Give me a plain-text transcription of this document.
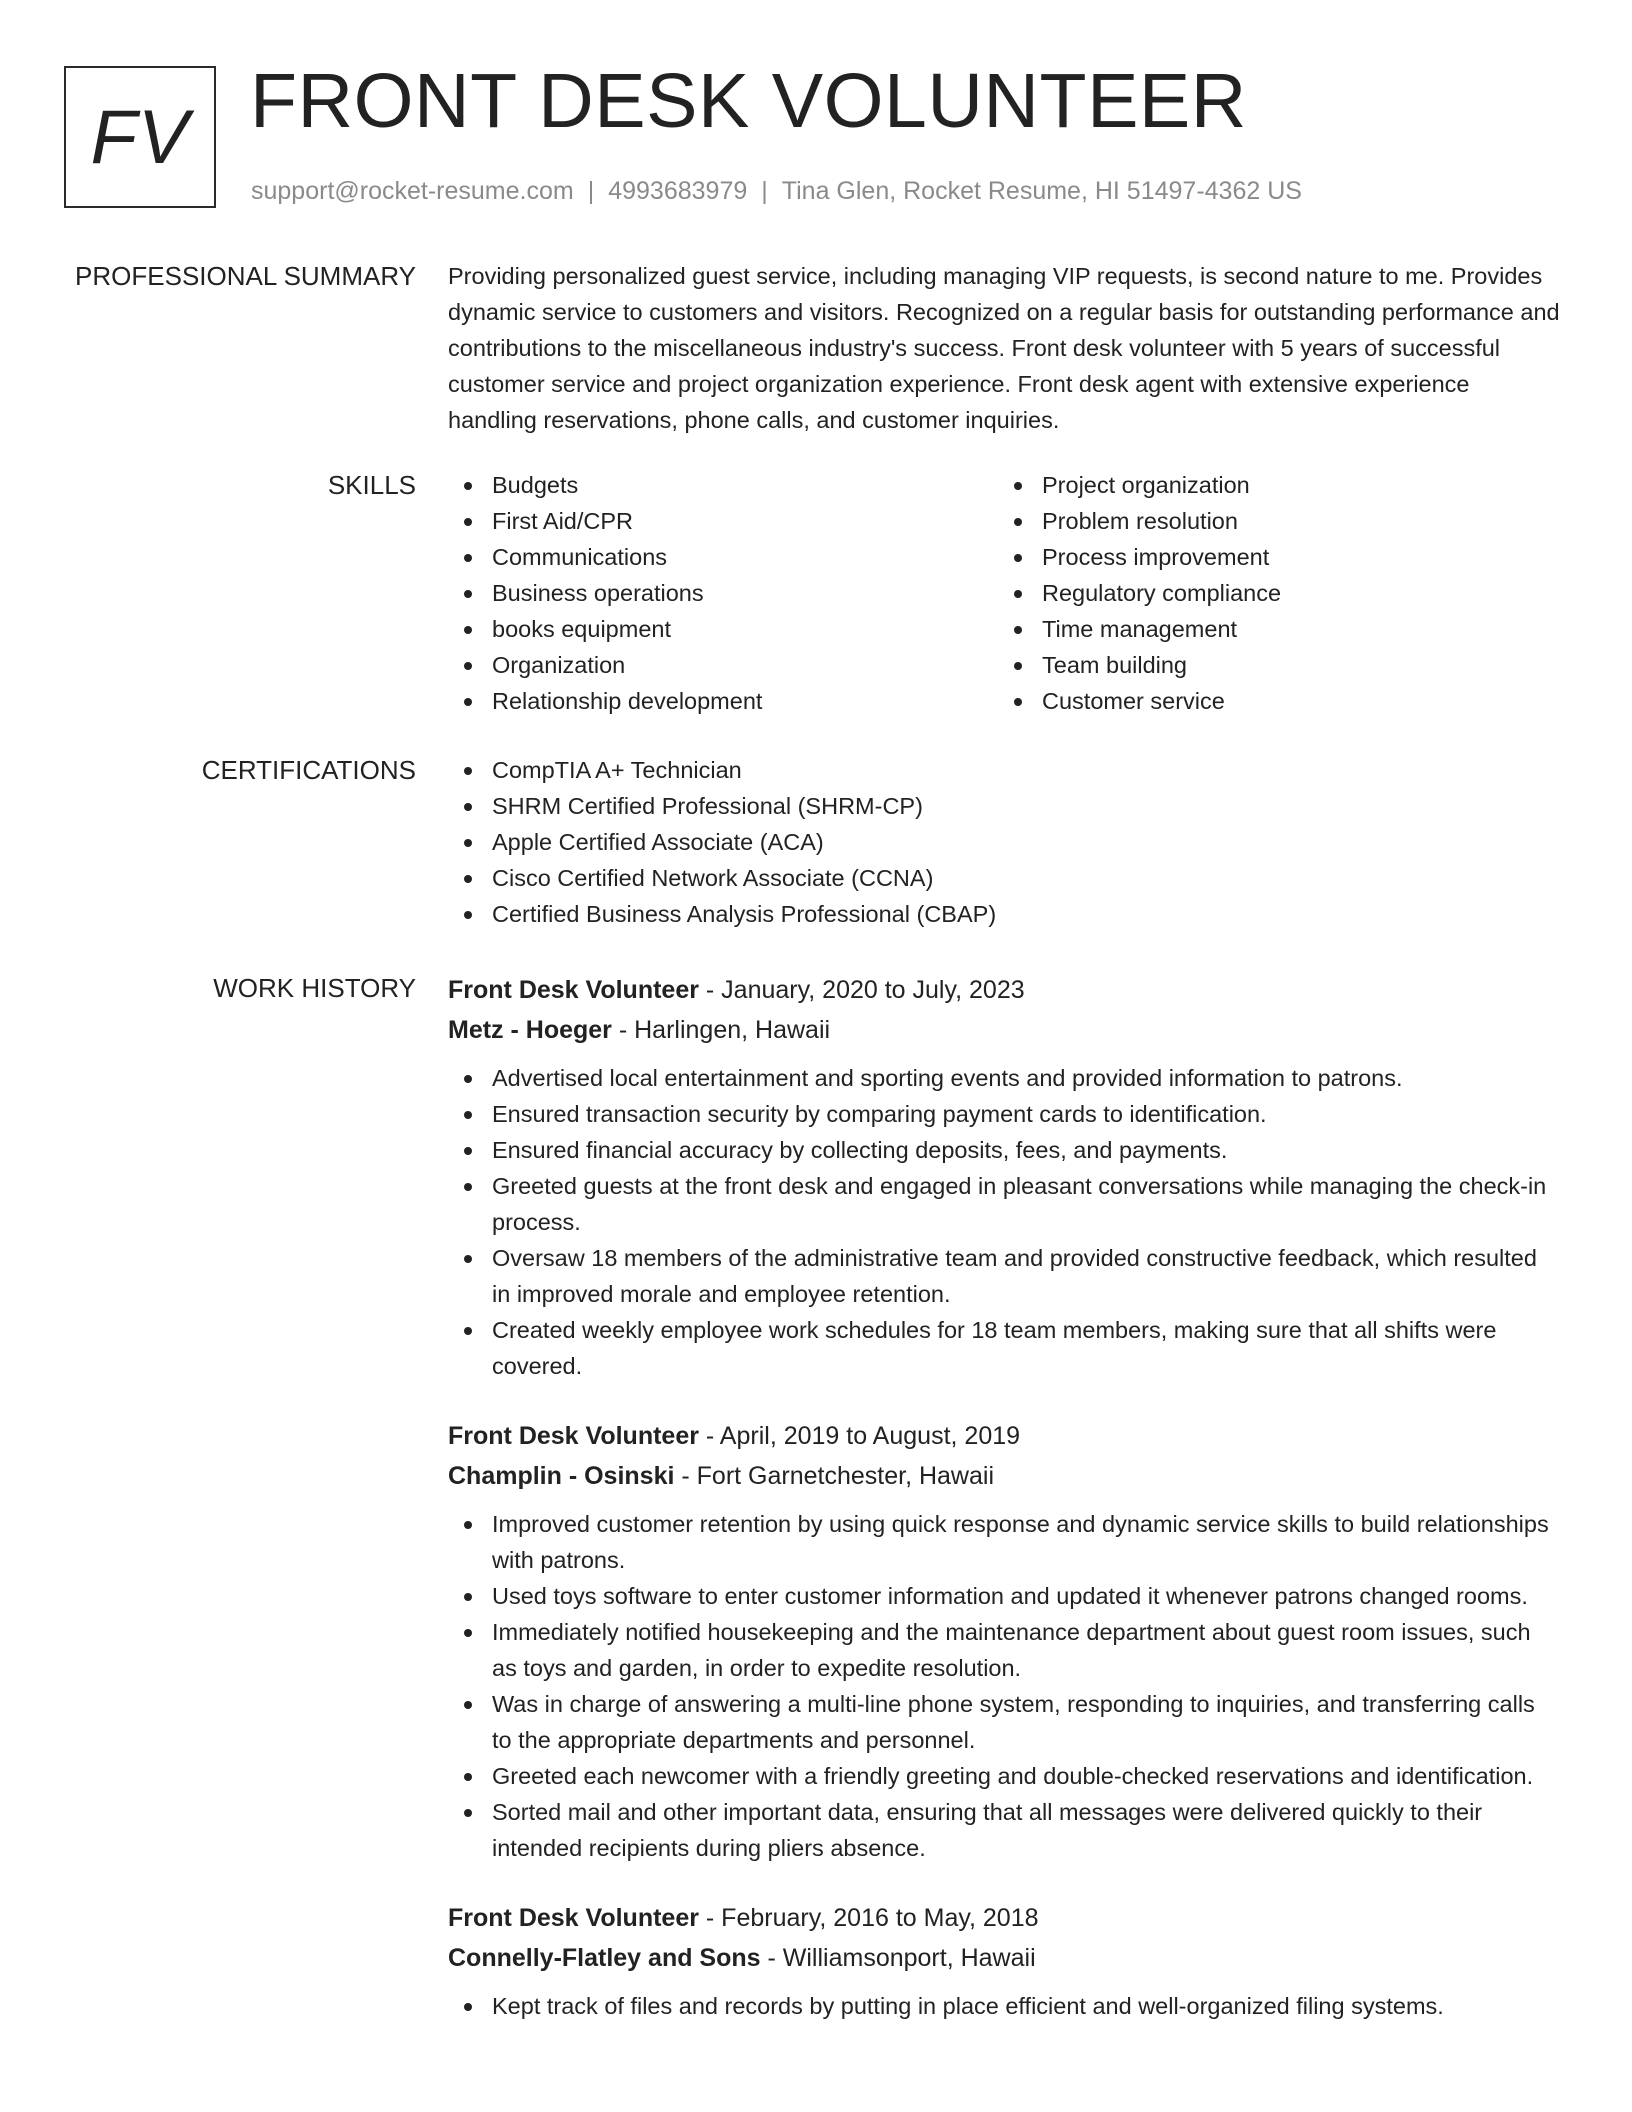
FV FRONT DESK VOLUNTEER
support@rocket-resume.com | 4993683979 | Tina Glen, Rocket Resume, HI 51497-4362 US
PROFESSIONAL SUMMARY Providing personalized guest service, including managing VIP requests, is second nature to me. Provides dynamic service to customers and visitors. Recognized on a regular basis for outstanding performance and contributions to the miscellaneous industry's success. Front desk volunteer with 5 years of successful customer service and project organization experience. Front desk agent with extensive experience handling reservations, phone calls, and customer inquiries.

SKILLS	Budgets
First Aid/CPR
Communications
Business operations
books equipment
Organization
Relationship development
Project organization
Problem resolution
Process improvement
Regulatory compliance
Time management
Team building
Customer service
CERTIFICATIONS	CompTIA A+ Technician
SHRM Certified Professional (SHRM-CP)
Apple Certified Associate (ACA)
Cisco Certified Network Associate (CCNA)
Certified Business Analysis Professional (CBAP)
WORK HISTORY Front Desk Volunteer - January, 2020 to July, 2023
Metz - Hoeger - Harlingen, Hawaii
Advertised local entertainment and sporting events and provided information to patrons.
Ensured transaction security by comparing payment cards to identification.
Ensured financial accuracy by collecting deposits, fees, and payments.
Greeted guests at the front desk and engaged in pleasant conversations while managing the check-in process.
Oversaw 18 members of the administrative team and provided constructive feedback, which resulted in improved morale and employee retention.
Created weekly employee work schedules for 18 team members, making sure that all shifts were covered.
Front Desk Volunteer - April, 2019 to August, 2019
Champlin - Osinski - Fort Garnetchester, Hawaii
Improved customer retention by using quick response and dynamic service skills to build relationships with patrons.
Used toys software to enter customer information and updated it whenever patrons changed rooms.
Immediately notified housekeeping and the maintenance department about guest room issues, such as toys and garden, in order to expedite resolution.
Was in charge of answering a multi-line phone system, responding to inquiries, and transferring calls to the appropriate departments and personnel.
Greeted each newcomer with a friendly greeting and double-checked reservations and identification.
Sorted mail and other important data, ensuring that all messages were delivered quickly to their intended recipients during pliers absence.
Front Desk Volunteer - February, 2016 to May, 2018
Connelly-Flatley and Sons - Williamsonport, Hawaii
Kept track of files and records by putting in place efficient and well-organized filing systems.
